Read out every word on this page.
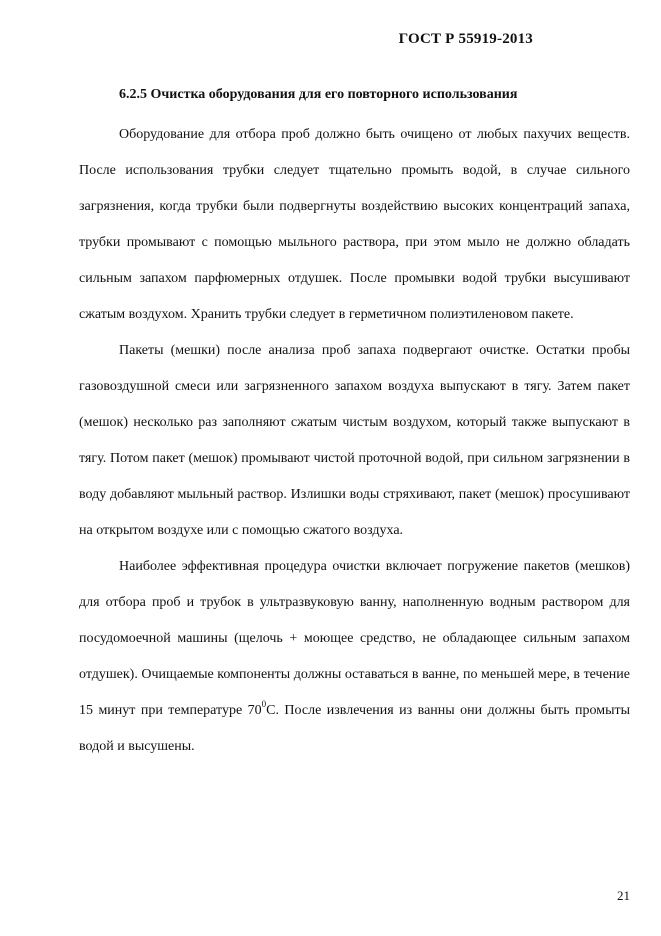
ГОСТ Р 55919-2013
6.2.5 Очистка оборудования для его повторного использования

Оборудование для отбора проб должно быть очищено от любых пахучих веществ. После использования трубки следует тщательно промыть водой, в случае сильного загрязнения, когда трубки были подвергнуты воздействию высоких концентраций запаха, трубки промывают с помощью мыльного раствора, при этом мыло не должно обладать сильным запахом парфюмерных отдушек. После промывки водой трубки высушивают сжатым воздухом. Хранить трубки следует в герметичном полиэтиленовом пакете.

Пакеты (мешки) после анализа проб запаха подвергают очистке. Остатки пробы газовоздушной смеси или загрязненного запахом воздуха выпускают в тягу. Затем пакет (мешок) несколько раз заполняют сжатым чистым воздухом, который также выпускают в тягу. Потом пакет (мешок) промывают чистой проточной водой, при сильном загрязнении в воду добавляют мыльный раствор. Излишки воды стряхивают, пакет (мешок) просушивают на открытом воздухе или с помощью сжатого воздуха.

Наиболее эффективная процедура очистки включает погружение пакетов (мешков) для отбора проб и трубок в ультразвуковую ванну, наполненную водным раствором для посудомоечной машины (щелочь + моющее средство, не обладающее сильным запахом отдушек). Очищаемые компоненты должны оставаться в ванне, по меньшей мере, в течение 15 минут при температуре $70^0С$. После извлечения из ванны они должны быть промыты водой и высушены.

21
